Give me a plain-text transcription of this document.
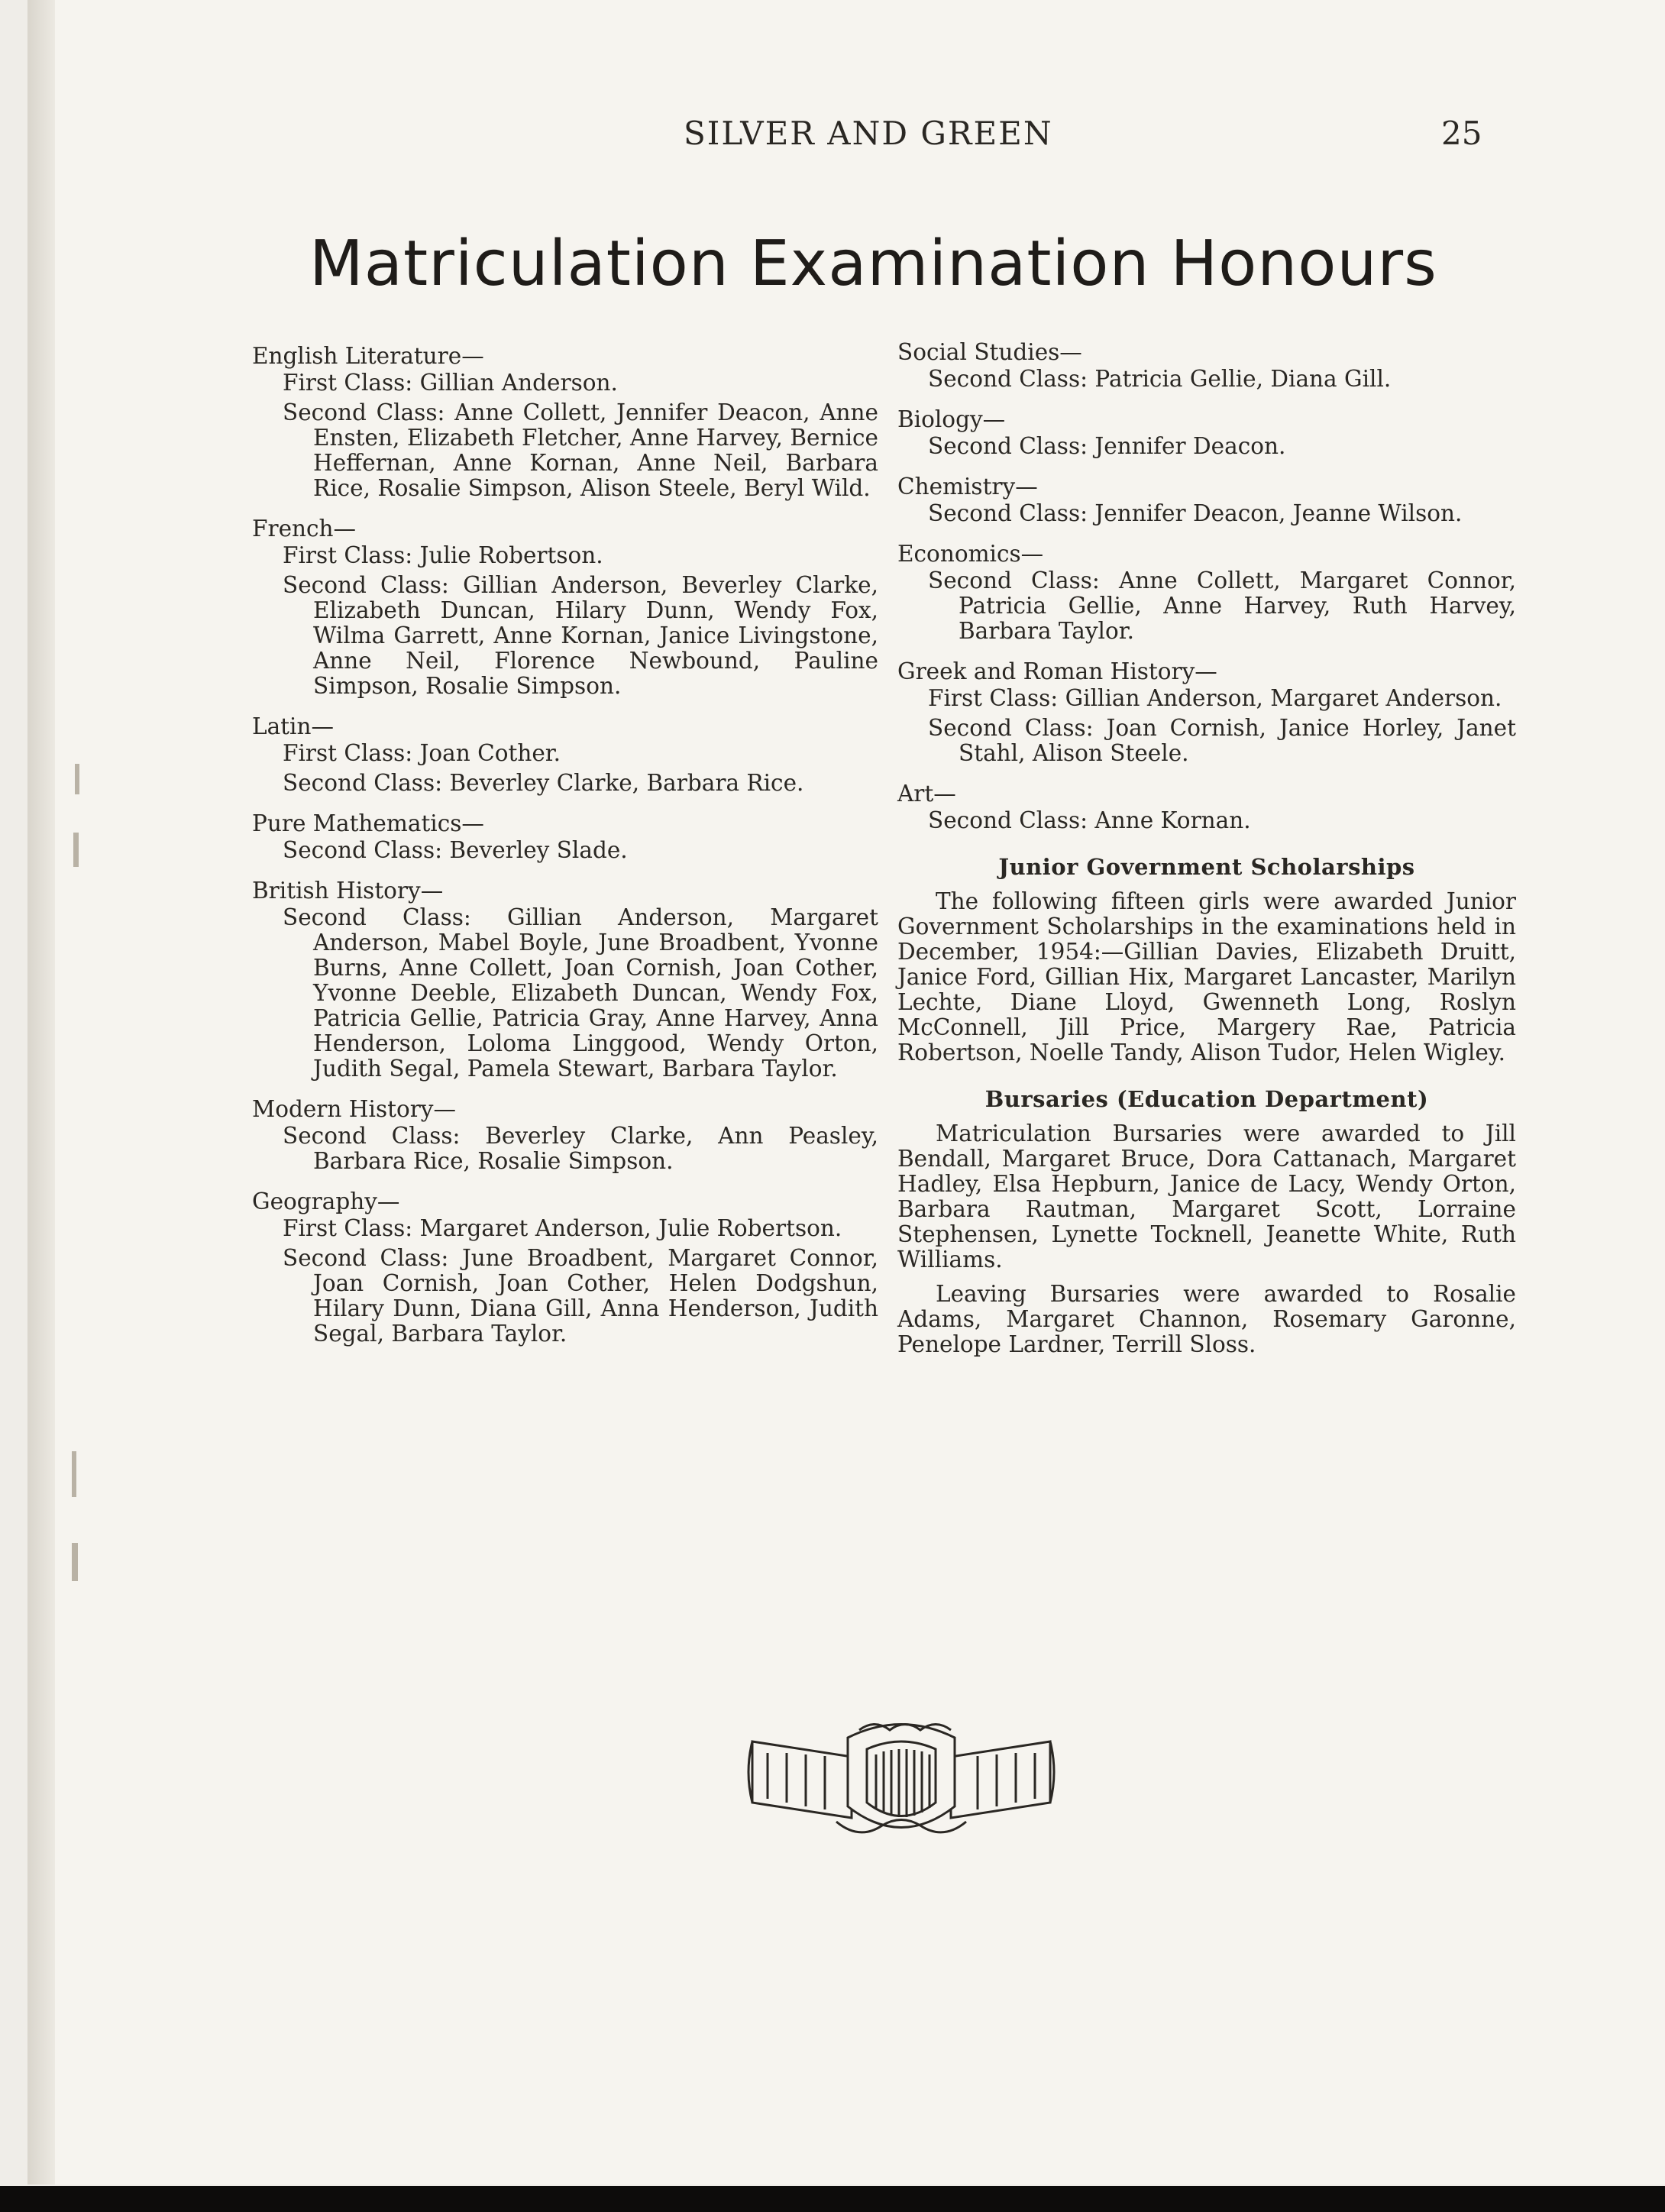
SILVER AND GREEN	25
Matriculation Examination Honours
English Literature—
First Class: Gillian Anderson.
Second Class: Anne Collett, Jennifer Deacon, Anne Ensten, Elizabeth Fletcher, Anne Harvey, Bernice Heffernan, Anne Kornan, Anne Neil, Barbara Rice, Rosalie Simpson, Alison Steele, Beryl Wild.
French—
First Class: Julie Robertson.
Second Class: Gillian Anderson, Beverley Clarke, Elizabeth Duncan, Hilary Dunn, Wendy Fox, Wilma Garrett, Anne Kornan, Janice Livingstone, Anne Neil, Florence Newbound, Pauline Simpson, Rosalie Simpson.
Latin—
First Class: Joan Cother.
Second Class: Beverley Clarke, Barbara Rice.
Pure Mathematics—
Second Class: Beverley Slade.
British History—
Second Class: Gillian Anderson, Margaret Anderson, Mabel Boyle, June Broadbent, Yvonne Burns, Anne Collett, Joan Cornish, Joan Cother, Yvonne Deeble, Elizabeth Duncan, Wendy Fox, Patricia Gellie, Patricia Gray, Anne Harvey, Anna Henderson, Loloma Linggood, Wendy Orton, Judith Segal, Pamela Stewart, Barbara Taylor.
Modern History—
Second Class: Beverley Clarke, Ann Peasley, Barbara Rice, Rosalie Simpson.
Geography—
First Class: Margaret Anderson, Julie Robertson.
Second Class: June Broadbent, Margaret Connor, Joan Cornish, Joan Cother, Helen Dodgshun, Hilary Dunn, Diana Gill, Anna Henderson, Judith Segal, Barbara Taylor.
Social Studies—
Second Class: Patricia Gellie, Diana Gill.
Biology—
Second Class: Jennifer Deacon.
Chemistry—
Second Class: Jennifer Deacon, Jeanne Wilson.
Economics—
Second Class: Anne Collett, Margaret Connor, Patricia Gellie, Anne Harvey, Ruth Harvey, Barbara Taylor.
Greek and Roman History—
First Class: Gillian Anderson, Margaret Anderson.
Second Class: Joan Cornish, Janice Horley, Janet Stahl, Alison Steele.
Art—
Second Class: Anne Kornan.
Junior Government Scholarships

The following fifteen girls were awarded Junior Government Scholarships in the examinations held in December, 1954:—Gillian Davies, Elizabeth Druitt, Janice Ford, Gillian Hix, Margaret Lancaster, Marilyn Lechte, Diane Lloyd, Gwenneth Long, Roslyn McConnell, Jill Price, Margery Rae, Patricia Robertson, Noelle Tandy, Alison Tudor, Helen Wigley.

Bursaries (Education Department)

Matriculation Bursaries were awarded to Jill Bendall, Margaret Bruce, Dora Cattanach, Margaret Hadley, Elsa Hepburn, Janice de Lacy, Wendy Orton, Barbara Rautman, Margaret Scott, Lorraine Stephensen, Lynette Tocknell, Jeanette White, Ruth Williams.

Leaving Bursaries were awarded to Rosalie Adams, Margaret Channon, Rosemary Garonne, Penelope Lardner, Terrill Sloss.
